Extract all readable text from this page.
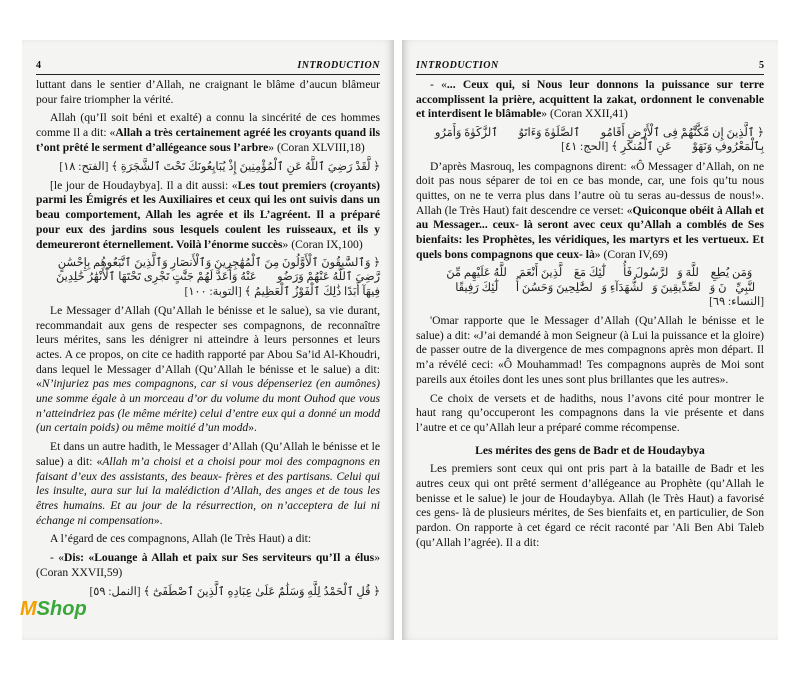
4	INTRODUCTION

luttant dans le sentier d’Allah, ne craignant le blâme d’aucun blâmeur pour faire triompher la vérité.

Allah (qu’Il soit béni et exalté) a connu la sincérité de ces hommes comme Il a dit: «Allah a très certainement agréé les croyants quand ils t’ont prêté le serment d’allégeance sous l’arbre» (Coran XLVIII,18)

﴿ لَّقَدْ رَضِيَ ٱللَّهُ عَنِ ٱلْمُؤْمِنِينَ إِذْ يُبَايِعُونَكَ تَحْتَ ٱلشَّجَرَةِ ﴾ [الفتح: ١٨]

[le jour de Houdaybya]. Il a dit aussi: «Les tout premiers (croyants) parmi les Émigrés et les Auxiliaires et ceux qui les ont suivis dans un beau comportement, Allah les agrée et ils L’agréent. Il a préparé pour eux des jardins sous lesquels coulent les ruisseaux, et ils y demeureront éternellement. Voilà l’énorme succès» (Coran IX,100)

﴿ وَٱلسَّٰبِقُونَ ٱلْأَوَّلُونَ مِنَ ٱلْمُهَٰجِرِينَ وَٱلْأَنصَارِ وَٱلَّذِينَ ٱتَّبَعُوهُم بِإِحْسَٰنٍ رَّضِيَ ٱللَّهُ عَنْهُمْ وَرَضُوا۟ عَنْهُ وَأَعَدَّ لَهُمْ جَنَّٰتٍ تَجْرِى تَحْتَهَا ٱلْأَنْهَٰرُ خَٰلِدِينَ فِيهَآ أَبَدًا ذَٰلِكَ ٱلْفَوْزُ ٱلْعَظِيمُ ﴾ [التوبة: ١٠٠]

Le Messager d’Allah (Qu’Allah le bénisse et le salue), sa vie durant, recommandait aux gens de respecter ses compagnons, de reconnaître leurs mérites, sans les dénigrer ni atteindre à leurs personnes et leurs actes. A ce propos, on cite ce hadith rapporté par Abou Sa’id Al-Khoudri, dans lequel le Messager d’Allah (Qu’Allah le bénisse et le salue) a dit: «N’injuriez pas mes compagnons, car si vous dépenseriez (en aumônes) une somme égale à un morceau d’or du volume du mont Ouhod que vous n’atteindriez pas (le même mérite) celui d’entre eux qui a donné un modd (un certain poids) ou même moitié d’un modd».

Et dans un autre hadith, le Messager d’Allah (Qu’Allah le bénisse et le salue) a dit: «Allah m’a choisi et a choisi pour moi des compagnons en faisant d’eux des assistants, des beaux- frères et des partisans. Celui qui les insulte, aura sur lui la malédiction d’Allah, des anges et de tous les êtres humains. Et au jour de la résurrection, on n’acceptera de lui ni échange ni compensation».

A l’égard de ces compagnons, Allah (le Très Haut) a dit:

- «Dis: «Louange à Allah et paix sur Ses serviteurs qu’Il a élus» (Coran XXVII,59)

﴿ قُلِ ٱلْحَمْدُ لِلَّهِ وَسَلَٰمٌ عَلَىٰ عِبَادِهِ ٱلَّذِينَ ٱصْطَفَىٰٓ ﴾ [النمل: ٥٩]
INTRODUCTION	5

- «... Ceux qui, si Nous leur donnons la puissance sur terre accomplissent la prière, acquittent la zakat, ordonnent le convenable et interdisent le blâmable» (Coran XXII,41)

﴿ ٱلَّذِينَ إِن مَّكَّنَّٰهُمْ فِى ٱلْأَرْضِ أَقَامُوا۟ ٱلصَّلَوٰةَ وَءَاتَوُا۟ ٱلزَّكَوٰةَ وَأَمَرُوا۟ بِٱلْمَعْرُوفِ وَنَهَوْا۟ عَنِ ٱلْمُنكَرِ ﴾ [الحج: ٤١]

D’après Masrouq, les compagnons dirent: «Ô Messager d’Allah, on ne doit pas nous séparer de toi en ce bas monde, car, une fois qu’tu nous quittes, on ne te verra plus dans l’autre où tu seras au-dessus de nous!». Allah (le Très Haut) fait descendre ce verset: «Quiconque obéit à Allah et au Messager... ceux- là seront avec ceux qu’Allah a comblés de Ses bienfaits: les Prophètes, les véridiques, les martyrs et les vertueux. Et quels bons compagnons que ceux- là» (Coran IV,69)

﴿ وَمَن يُطِعِ ٱللَّهَ وَٱلرَّسُولَ فَأُو۟لَٰٓئِكَ مَعَ ٱلَّذِينَ أَنْعَمَ ٱللَّهُ عَلَيْهِم مِّنَ ٱلنَّبِيِّۦنَ وَٱلصِّدِّيقِينَ وَٱلشُّهَدَآءِ وَٱلصَّٰلِحِينَ وَحَسُنَ أُو۟لَٰٓئِكَ رَفِيقًا ﴾ [النساء: ٦٩]

'Omar rapporte que le Messager d’Allah (Qu’Allah le bénisse et le salue) a dit: «J’ai demandé à mon Seigneur (à Lui la puissance et la gloire) de passer outre de la divergence de mes compagnons après mon départ. Il m’a révélé ceci: «Ô Mouhammad! Tes compagnons auprès de Moi sont pareils aux étoiles dont les unes sont plus brillantes que les autres».

Ce choix de versets et de hadiths, nous l’avons cité pour montrer le haut rang qu’occuperont les compagnons dans la vie présente et dans l’autre et ce qu’Allah leur a préparé comme récompense.

Les mérites des gens de Badr et de Houdaybya

Les premiers sont ceux qui ont pris part à la bataille de Badr et les autres ceux qui ont prêté serment d’allégeance au Prophète (qu’Allah le benisse et le salue) le jour de Houdaybya. Allah (le Très Haut) a favorisé ces gens- là de plusieurs mérites, de Ses bienfaits et, en particulier, de Son pardon. On rapporte à cet égard ce récit raconté par 'Ali Ben Abi Taleb (qu’Allah l’agrée). Il a dit:

MShop
